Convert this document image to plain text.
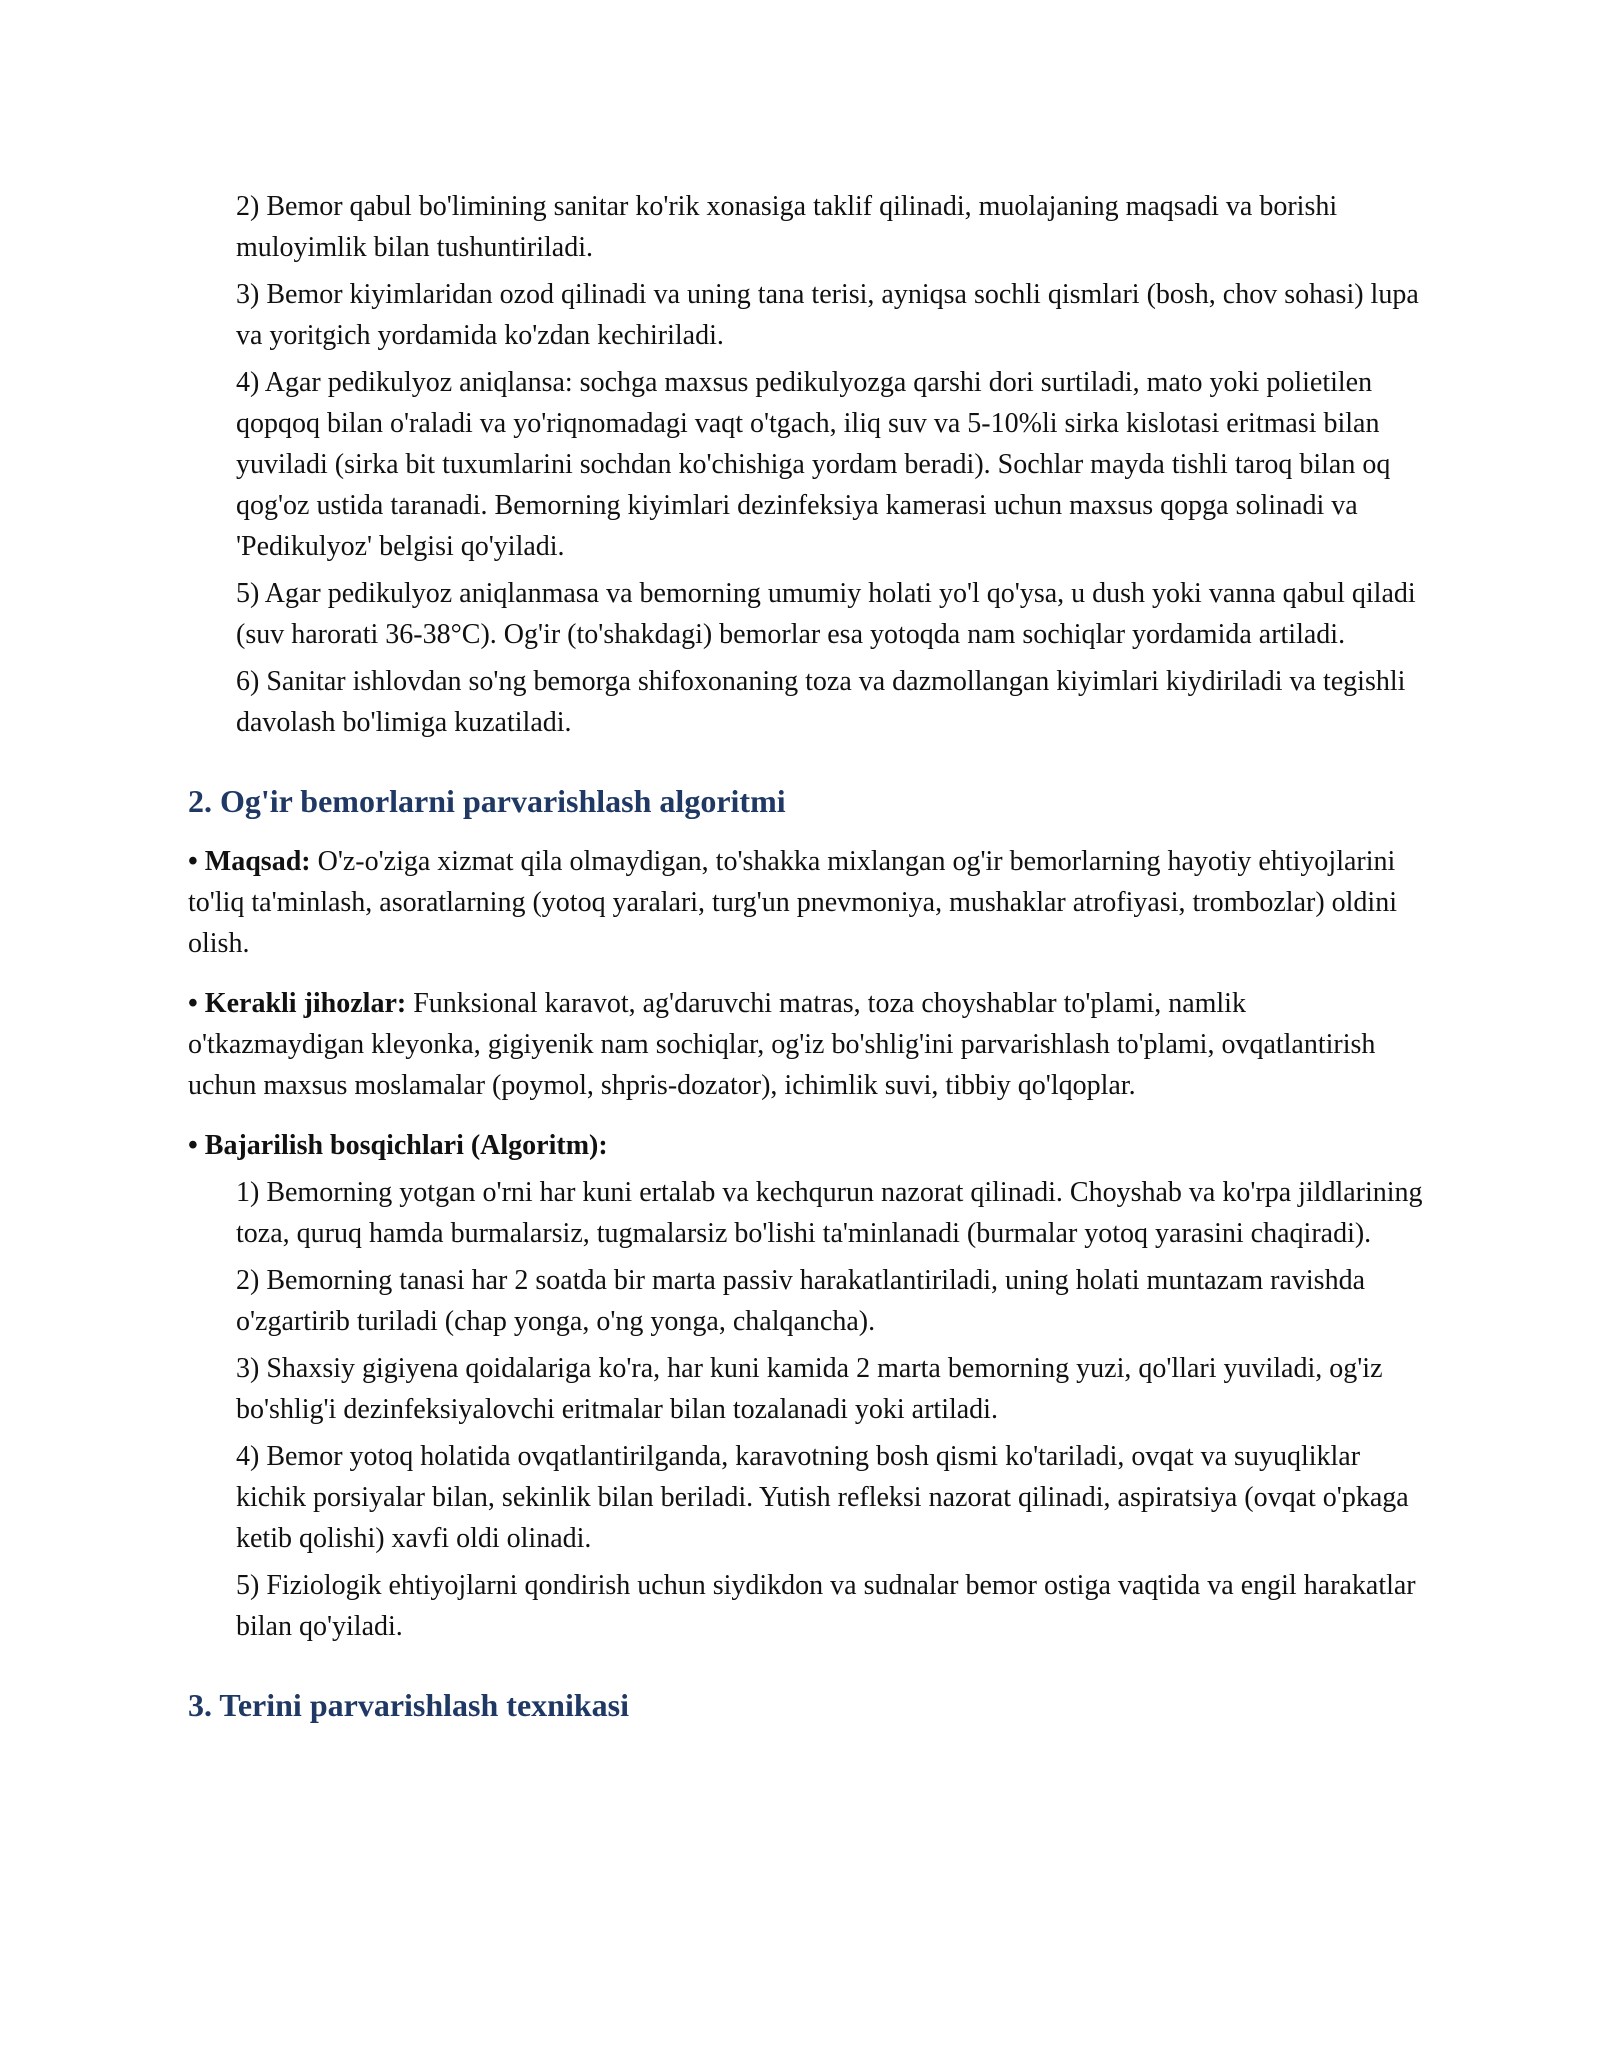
2) Bemor qabul bo'limining sanitar ko'rik xonasiga taklif qilinadi, muolajaning maqsadi va borishi muloyimlik bilan tushuntiriladi.
3) Bemor kiyimlaridan ozod qilinadi va uning tana terisi, ayniqsa sochli qismlari (bosh, chov sohasi) lupa va yoritgich yordamida ko'zdan kechiriladi.
4) Agar pedikulyoz aniqlansa: sochga maxsus pedikulyozga qarshi dori surtiladi, mato yoki polietilen qopqoq bilan o'raladi va yo'riqnomadagi vaqt o'tgach, iliq suv va 5-10%li sirka kislotasi eritmasi bilan yuviladi (sirka bit tuxumlarini sochdan ko'chishiga yordam beradi). Sochlar mayda tishli taroq bilan oq qog'oz ustida taranadi. Bemorning kiyimlari dezinfeksiya kamerasi uchun maxsus qopga solinadi va 'Pedikulyoz' belgisi qo'yiladi.
5) Agar pedikulyoz aniqlanmasa va bemorning umumiy holati yo'l qo'ysa, u dush yoki vanna qabul qiladi (suv harorati 36-38°C). Og'ir (to'shakdagi) bemorlar esa yotoqda nam sochiqlar yordamida artiladi.
6) Sanitar ishlovdan so'ng bemorga shifoxonaning toza va dazmollangan kiyimlari kiydiriladi va tegishli davolash bo'limiga kuzatiladi.
2. Og'ir bemorlarni parvarishlash algoritmi

• Maqsad: O'z-o'ziga xizmat qila olmaydigan, to'shakka mixlangan og'ir bemorlarning hayotiy ehtiyojlarini to'liq ta'minlash, asoratlarning (yotoq yaralari, turg'un pnevmoniya, mushaklar atrofiyasi, trombozlar) oldini olish.

• Kerakli jihozlar: Funksional karavot, ag'daruvchi matras, toza choyshablar to'plami, namlik o'tkazmaydigan kleyonka, gigiyenik nam sochiqlar, og'iz bo'shlig'ini parvarishlash to'plami, ovqatlantirish uchun maxsus moslamalar (poymol, shpris-dozator), ichimlik suvi, tibbiy qo'lqoplar.

• Bajarilish bosqichlari (Algoritm):

1) Bemorning yotgan o'rni har kuni ertalab va kechqurun nazorat qilinadi. Choyshab va ko'rpa jildlarining toza, quruq hamda burmalarsiz, tugmalarsiz bo'lishi ta'minlanadi (burmalar yotoq yarasini chaqiradi).
2) Bemorning tanasi har 2 soatda bir marta passiv harakatlantiriladi, uning holati muntazam ravishda o'zgartirib turiladi (chap yonga, o'ng yonga, chalqancha).
3) Shaxsiy gigiyena qoidalariga ko'ra, har kuni kamida 2 marta bemorning yuzi, qo'llari yuviladi, og'iz bo'shlig'i dezinfeksiyalovchi eritmalar bilan tozalanadi yoki artiladi.
4) Bemor yotoq holatida ovqatlantirilganda, karavotning bosh qismi ko'tariladi, ovqat va suyuqliklar kichik porsiyalar bilan, sekinlik bilan beriladi. Yutish refleksi nazorat qilinadi, aspiratsiya (ovqat o'pkaga ketib qolishi) xavfi oldi olinadi.
5) Fiziologik ehtiyojlarni qondirish uchun siydikdon va sudnalar bemor ostiga vaqtida va engil harakatlar bilan qo'yiladi.
3. Terini parvarishlash texnikasi
